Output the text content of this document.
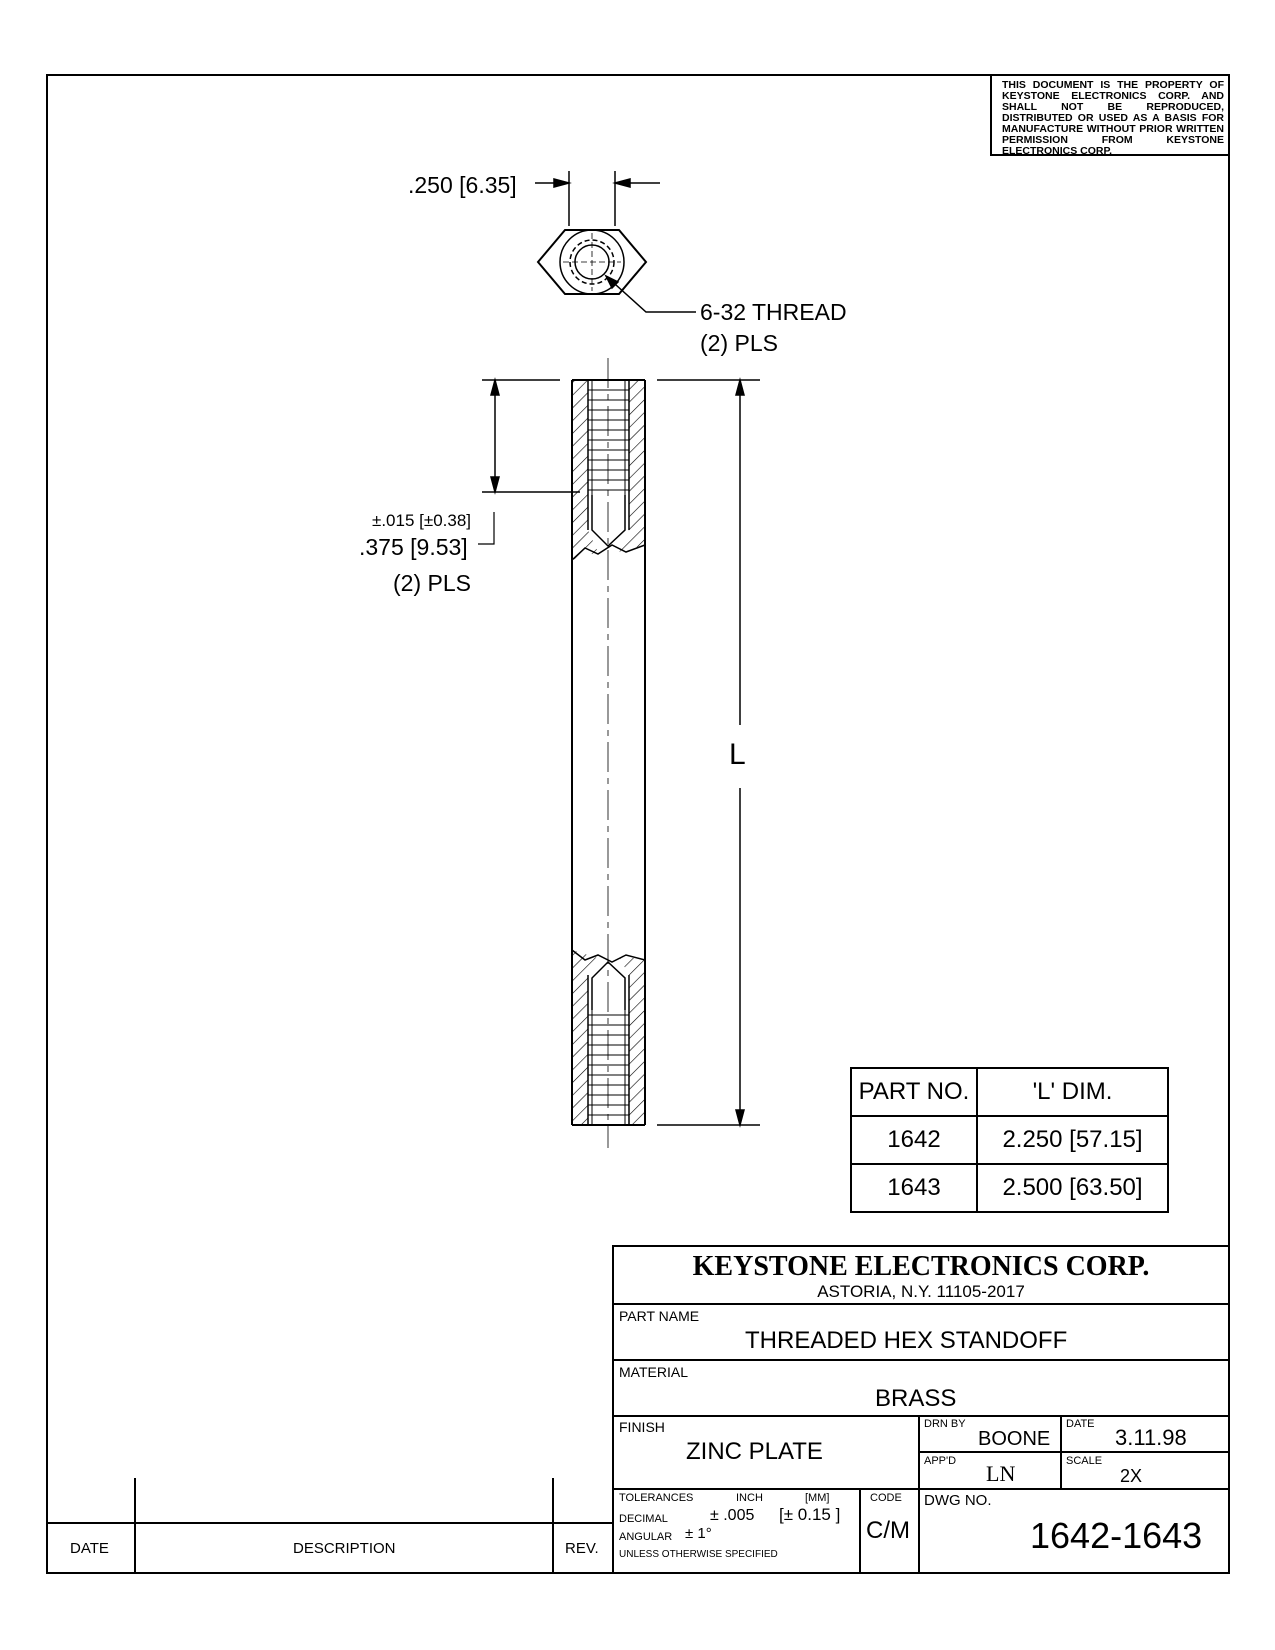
THIS DOCUMENT IS THE PROPERTY OF KEYSTONE ELECTRONICS CORP. AND SHALL NOT BE REPRODUCED, DISTRIBUTED OR USED AS A BASIS FOR MANUFACTURE WITHOUT PRIOR WRITTEN PERMISSION FROM KEYSTONE ELECTRONICS CORP.
.250 [6.35]
6-32 THREAD
(2) PLS
±.015 [±0.38]
.375 [9.53]
(2) PLS
L
PART NO.	'L' DIM.
1642	2.250 [57.15]
1643	2.500 [63.50]
KEYSTONE ELECTRONICS CORP.
ASTORIA, N.Y. 11105-2017
PART NAME
THREADED HEX STANDOFF
MATERIAL
BRASS
FINISH
ZINC PLATE
DRN BY
BOONE
DATE
3.11.98
APP'D LN	SCALE
2X
TOLERANCES	INCH	[MM]	CODE
DECIMAL	± .005 [± 0.15 ]
ANGULAR ± 1°
UNLESS OTHERWISE SPECIFIED
C/M
DWG NO.
1642-1643
DATE	DESCRIPTION	REV.
